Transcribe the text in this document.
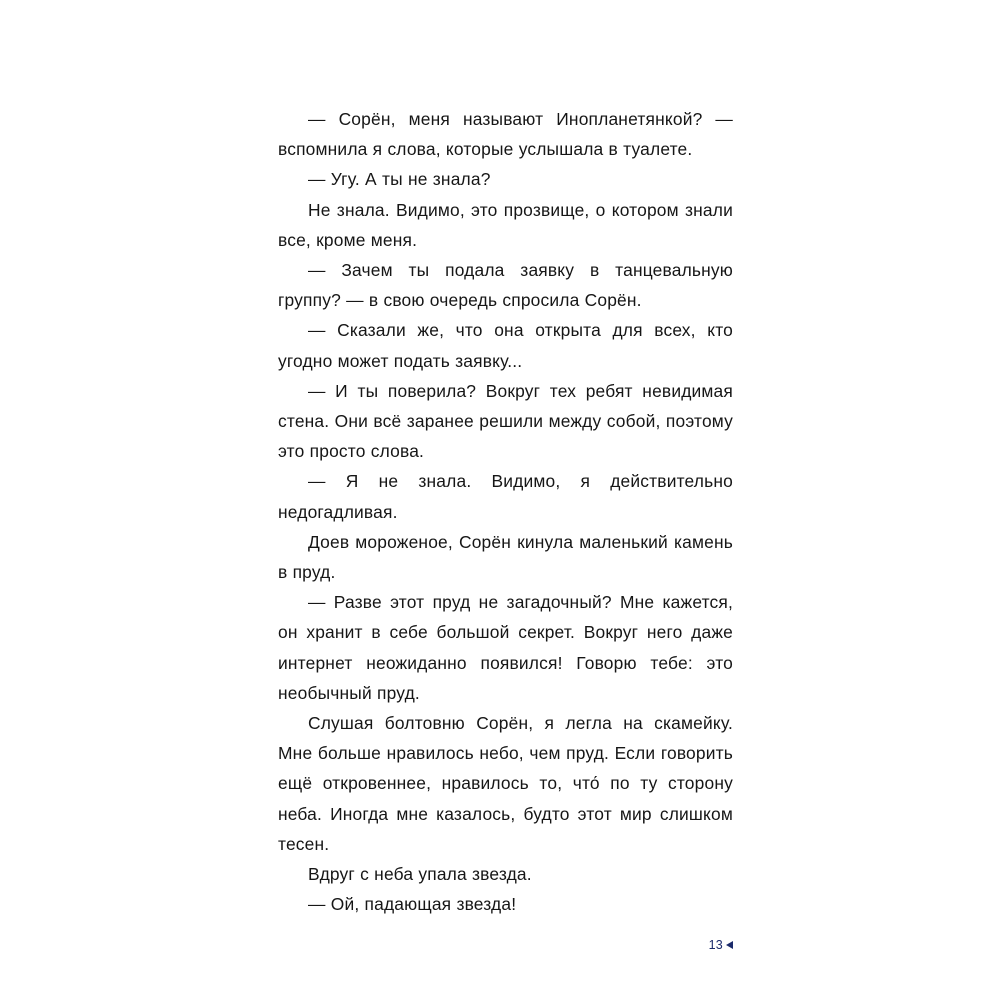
— Сорён, меня называют Инопланетянкой? — вспомнила я слова, которые услышала в туалете.

— Угу. А ты не знала?

Не знала. Видимо, это прозвище, о котором знали все, кроме меня.

— Зачем ты подала заявку в танцевальную группу? — в свою очередь спросила Сорён.

— Сказали же, что она открыта для всех, кто угодно может подать заявку...

— И ты поверила? Вокруг тех ребят невидимая стена. Они всё заранее решили между собой, поэтому это просто слова.

— Я не знала. Видимо, я действительно недогадливая.

Доев мороженое, Сорён кинула маленький камень в пруд.

— Разве этот пруд не загадочный? Мне кажется, он хранит в себе большой секрет. Вокруг него даже интернет неожиданно появился! Говорю тебе: это необычный пруд.

Слушая болтовню Сорён, я легла на скамейку. Мне больше нравилось небо, чем пруд. Если говорить ещё откровеннее, нравилось то, что́ по ту сторону неба. Иногда мне казалось, будто этот мир слишком тесен.

Вдруг с неба упала звезда.

— Ой, падающая звезда!

13
